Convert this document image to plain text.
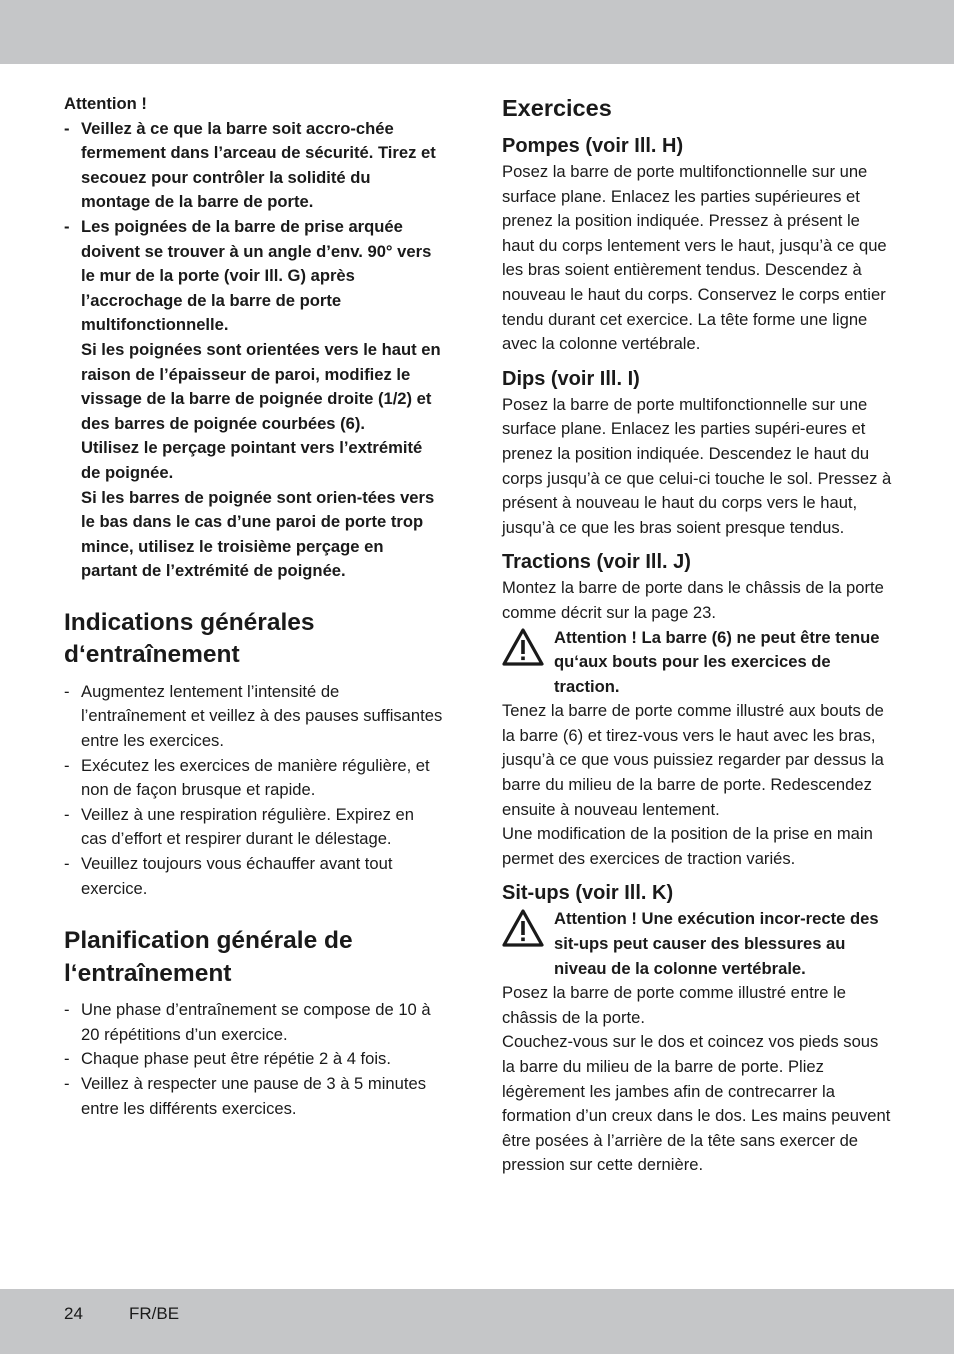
Attention !

- Veillez à ce que la barre soit accro-chée fermement dans l’arceau de sécurité. Tirez et secouez pour contrôler la solidité du montage de la barre de porte.
- Les poignées de la barre de prise arquée doivent se trouver à un angle d’env. 90° vers le mur de la porte (voir Ill. G) après l’accrochage de la barre de porte multifonctionnelle.
Si les poignées sont orientées vers le haut en raison de l’épaisseur de paroi, modifiez le vissage de la barre de poignée droite (1/2) et des barres de poignée courbées (6).
Utilisez le perçage pointant vers l’extrémité de poignée.
Si les barres de poignée sont orien-tées vers le bas dans le cas d’une paroi de porte trop mince, utilisez le troisième perçage en partant de l’extrémité de poignée.
Indications générales d‘entraînement
- Augmentez lentement l’intensité de l’entraînement et veillez à des pauses suffisantes entre les exercices.
- Exécutez les exercices de manière régulière, et non de façon brusque et rapide.
- Veillez à une respiration régulière. Expirez en cas d’effort et respirer durant le délestage.
- Veuillez toujours vous échauffer avant tout exercice.
Planification générale de l‘entraînement
- Une phase d’entraînement se compose de 10 à 20 répétitions d’un exercice.
- Chaque phase peut être répétie 2 à 4 fois.
- Veillez à respecter une pause de 3 à 5 minutes entre les différents exercices.
Exercices
Pompes (voir Ill. H)

Posez la barre de porte multifonctionnelle sur une surface plane. Enlacez les parties supérieures et prenez la position indiquée. Pressez à présent le haut du corps lentement vers le haut, jusqu’à ce que les bras soient entièrement tendus. Descendez à nouveau le haut du corps. Conservez le corps entier tendu durant cet exercice. La tête forme une ligne avec la colonne vertébrale.

Dips (voir Ill. I)

Posez la barre de porte multifonctionnelle sur une surface plane. Enlacez les parties supéri-eures et prenez la position indiquée. Descendez le haut du corps jusqu’à ce que celui-ci touche le sol. Pressez à présent à nouveau le haut du corps vers le haut, jusqu’à ce que les bras soient presque tendus.

Tractions (voir Ill. J)

Montez la barre de porte dans le châssis de la porte comme décrit sur la page 23.

Attention ! La barre (6) ne peut être tenue qu‘aux bouts pour les exercices de traction.

Tenez la barre de porte comme illustré aux bouts de la barre (6) et tirez-vous vers le haut avec les bras, jusqu’à ce que vous puissiez regarder par dessus la barre du milieu de la barre de porte. Redescendez ensuite à nouveau lentement.

Une modification de la position de la prise en main permet des exercices de traction variés.

Sit-ups (voir Ill. K)
Attention ! Une exécution incor-recte des sit-ups peut causer des blessures au niveau de la colonne vertébrale.

Posez la barre de porte comme illustré entre le châssis de la porte.

Couchez-vous sur le dos et coincez vos pieds sous la barre du milieu de la barre de porte. Pliez légèrement les jambes afin de contrecarrer la formation d’un creux dans le dos. Les mains peuvent être posées à l’arrière de la tête sans exercer de pression sur cette dernière.

24	FR/BE
